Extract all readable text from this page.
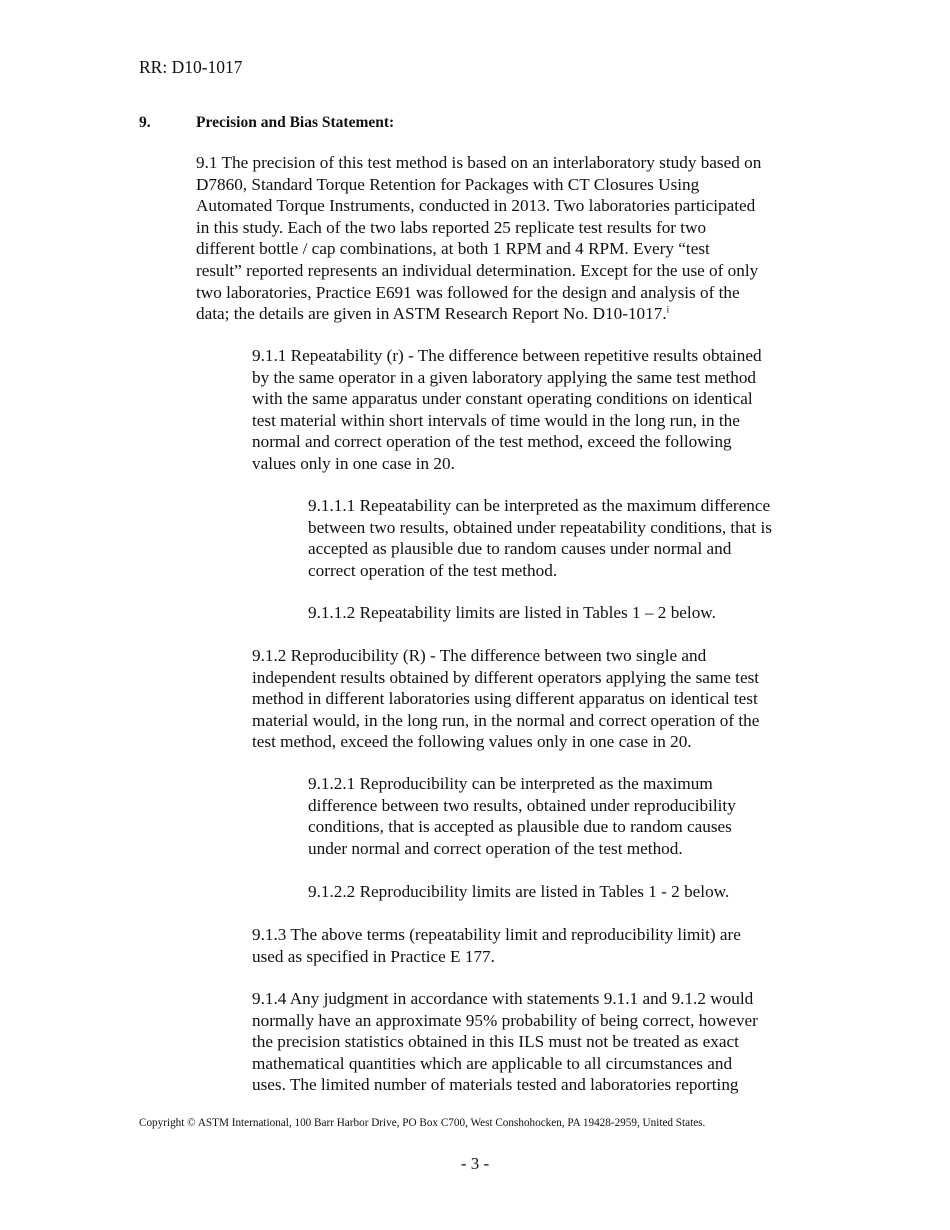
RR: D10-1017
9.	Precision and Bias Statement:
9.1 The precision of this test method is based on an interlaboratory study based on
D7860, Standard Torque Retention for Packages with CT Closures Using
Automated Torque Instruments, conducted in 2013. Two laboratories participated
in this study. Each of the two labs reported 25 replicate test results for two
different bottle / cap combinations, at both 1 RPM and 4 RPM. Every “test
result” reported represents an individual determination. Except for the use of only
two laboratories, Practice E691 was followed for the design and analysis of the
data; the details are given in ASTM Research Report No. D10-1017.$^i$
9.1.1 Repeatability (r) - The difference between repetitive results obtained
by the same operator in a given laboratory applying the same test method
with the same apparatus under constant operating conditions on identical
test material within short intervals of time would in the long run, in the
normal and correct operation of the test method, exceed the following
values only in one case in 20.
9.1.1.1 Repeatability can be interpreted as the maximum difference
between two results, obtained under repeatability conditions, that is
accepted as plausible due to random causes under normal and
correct operation of the test method.
9.1.1.2 Repeatability limits are listed in Tables 1 – 2 below.
9.1.2 Reproducibility (R) - The difference between two single and
independent results obtained by different operators applying the same test
method in different laboratories using different apparatus on identical test
material would, in the long run, in the normal and correct operation of the
test method, exceed the following values only in one case in 20.
9.1.2.1 Reproducibility can be interpreted as the maximum
difference between two results, obtained under reproducibility
conditions, that is accepted as plausible due to random causes
under normal and correct operation of the test method.
9.1.2.2 Reproducibility limits are listed in Tables 1 - 2 below.
9.1.3 The above terms (repeatability limit and reproducibility limit) are
used as specified in Practice E 177.
9.1.4 Any judgment in accordance with statements 9.1.1 and 9.1.2 would
normally have an approximate 95% probability of being correct, however
the precision statistics obtained in this ILS must not be treated as exact
mathematical quantities which are applicable to all circumstances and
uses. The limited number of materials tested and laboratories reporting
Copyright © ASTM International, 100 Barr Harbor Drive, PO Box C700, West Conshohocken, PA 19428-2959, United States.
- 3 -
